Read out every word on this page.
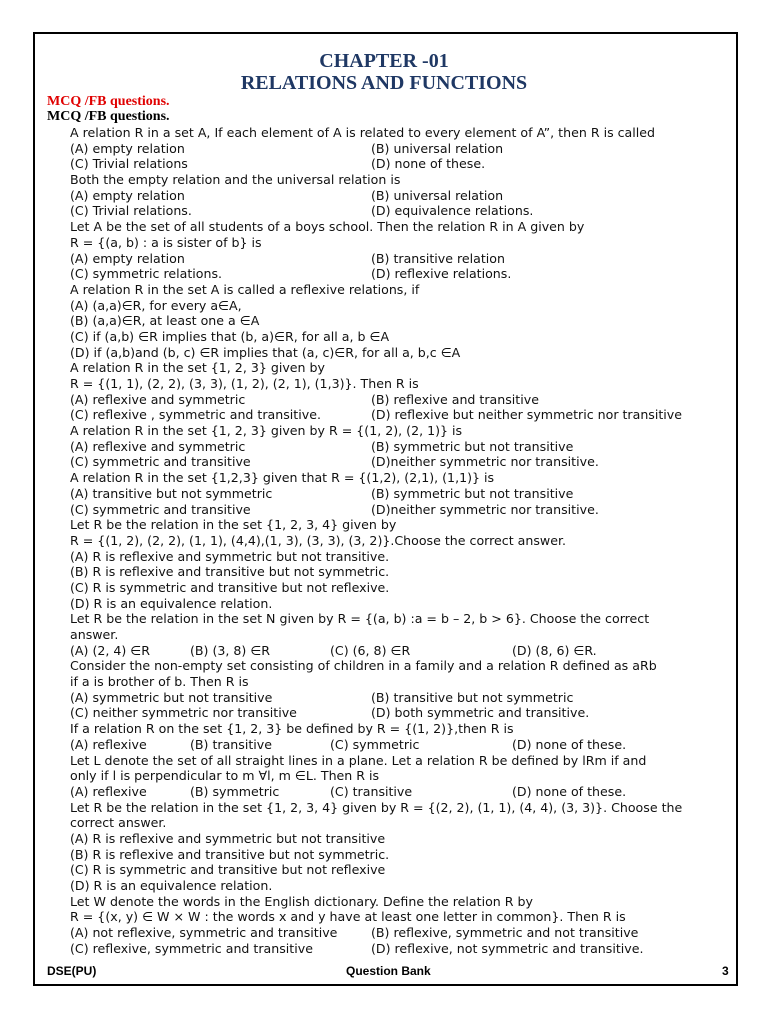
CHAPTER -01
RELATIONS AND FUNCTIONS
MCQ /FB questions.
MCQ /FB questions.
A relation R in a set A, If each element of A is related to every element of A”, then R is called
(A) empty relation	(B) universal relation
(C) Trivial relations	(D) none of these.
Both the empty relation and the universal relation is
(A) empty relation	(B) universal relation
(C) Trivial relations.	(D) equivalence relations.
Let A be the set of all students of a boys school. Then the relation R in A given by
R = {(a, b) : a is sister of b} is
(A) empty relation	(B) transitive relation
(C) symmetric relations.	(D) reflexive relations.
A relation R in the set A is called a reflexive relations, if
(A) (a,a)∈R, for every a∈A,
(B) (a,a)∈R, at least one a ∈A
(C) if (a,b) ∈R implies that (b, a)∈R, for all a, b ∈A
(D) if (a,b)and (b, c) ∈R implies that (a, c)∈R, for all a, b,c ∈A
A relation R in the set {1, 2, 3} given by
R = {(1, 1), (2, 2), (3, 3), (1, 2), (2, 1), (1,3)}. Then R is
(A) reflexive and symmetric	(B) reflexive and transitive
(C) reflexive , symmetric and transitive.	(D) reflexive but neither symmetric nor transitive
A relation R in the set {1, 2, 3} given by R = {(1, 2), (2, 1)} is
(A) reflexive and symmetric	(B) symmetric but not transitive
(C) symmetric and transitive	(D)neither symmetric nor transitive.
A relation R in the set {1,2,3} given that R = {(1,2), (2,1), (1,1)} is
(A) transitive but not symmetric	(B) symmetric but not transitive
(C) symmetric and transitive	(D)neither symmetric nor transitive.
Let R be the relation in the set {1, 2, 3, 4} given by
R = {(1, 2), (2, 2), (1, 1), (4,4),(1, 3), (3, 3), (3, 2)}.Choose the correct answer.
(A) R is reflexive and symmetric but not transitive.
(B) R is reflexive and transitive but not symmetric.
(C) R is symmetric and transitive but not reflexive.
(D) R is an equivalence relation.
Let R be the relation in the set N given by R = {(a, b) :a = b – 2, b > 6}. Choose the correct
answer.
(A) (2, 4) ∈R	(B) (3, 8) ∈R	(C) (6, 8) ∈R	(D) (8, 6) ∈R.
Consider the non-empty set consisting of children in a family and a relation R defined as aRb
if a is brother of b. Then R is
(A) symmetric but not transitive	(B) transitive but not symmetric
(C) neither symmetric nor transitive	(D) both symmetric and transitive.
If a relation R on the set {1, 2, 3} be defined by R = {(1, 2)},then R is
(A) reflexive	(B) transitive	(C) symmetric	(D) none of these.
Let L denote the set of all straight lines in a plane. Let a relation R be defined by lRm if and
only if l is perpendicular to m ∀l, m ∈L. Then R is
(A) reflexive	(B) symmetric	(C) transitive	(D) none of these.
Let R be the relation in the set {1, 2, 3, 4} given by R = {(2, 2), (1, 1), (4, 4), (3, 3)}. Choose the
correct answer.
(A) R is reflexive and symmetric but not transitive
(B) R is reflexive and transitive but not symmetric.
(C) R is symmetric and transitive but not reflexive
(D) R is an equivalence relation.
Let W denote the words in the English dictionary. Define the relation R by
R = {(x, y) ∈ W × W : the words x and y have at least one letter in common}. Then R is
(A) not reflexive, symmetric and transitive	(B) reflexive, symmetric and not transitive
(C) reflexive, symmetric and transitive	(D) reflexive, not symmetric and transitive.
DSE(PU)	Question Bank	3
